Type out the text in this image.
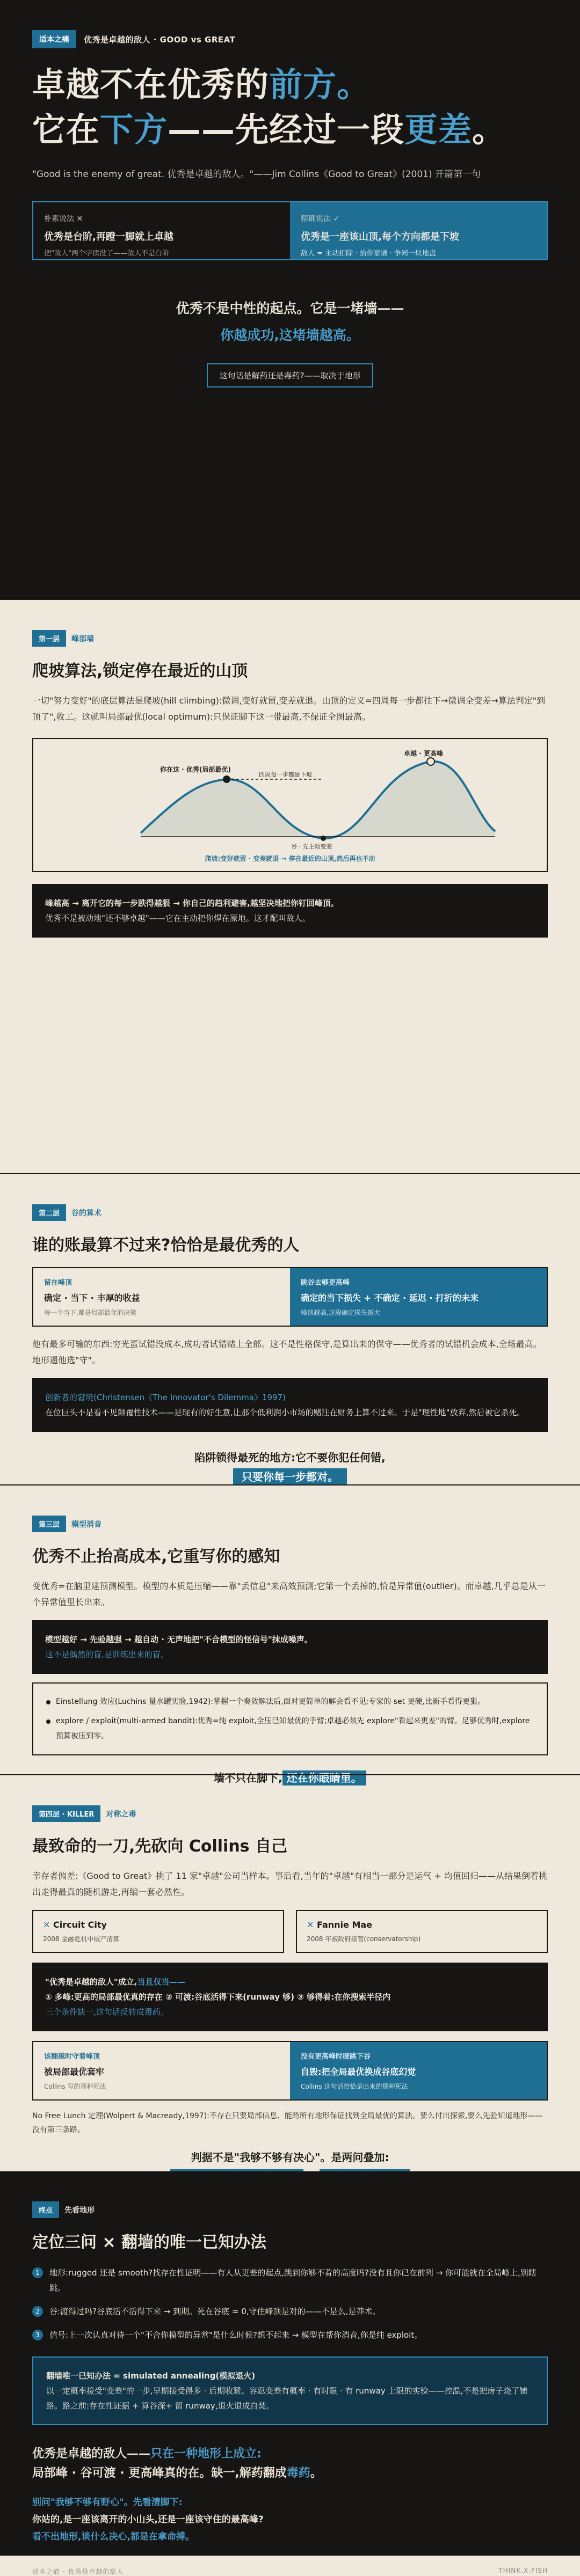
适本之痛	优秀是卓越的敌人 · GOOD vs GREAT
卓越不在优秀的前方。
它在下方——先经过一段更差。
"Good is the enemy of great. 优秀是卓越的敌人。"——Jim Collins《Good to Great》(2001) 开篇第一句
朴素说法 ✕
优秀是台阶,再蹬一脚就上卓越
把"敌人"两个字读没了——敌人不是台阶
精确说法 ✓
优秀是一座该山顶,每个方向都是下坡
敌人 = 主动扣除 · 拾你家谱 · 争同一块地盘
优秀不是中性的起点。它是一堵墙——
你越成功,这堵墙越高。
这句话是解药还是毒药?——取决于地形
第一层	峰部墙
爬坡算法,锁定停在最近的山顶

一切"努力变好"的底层算法是爬坡(hill climbing):微调,变好就留,变差就退。山顶的定义=四周每一步都往下→微调全变差→算法判定"到顶了",收工。这就叫局部最优(local optimum):只保证脚下这一带最高,不保证全图最高。

你在这 · 优秀(局部最优)
四周每一步都是下坡
卓越 · 更高峰
谷 · 先主动变差
爬坡:变好就留 · 变差就退 → 停在最近的山顶,然后再也不动
峰越高 → 离开它的每一步跌得越狠 → 你自己的趋利避害,越坚决地把你钉回峰顶。
优秀不是被动地"还不够卓越"——它在主动把你焊在原地。这才配叫敌人。
第二层	谷的算术
谁的账最算不过来?恰恰是最优秀的人
留在峰顶
确定 · 当下 · 丰厚的收益
每一个当下,都是局部最优的决策
跳谷去够更高峰
确定的当下损失 + 不确定 · 延迟 · 打折的未来
峰顶越高,这段确定损失越大

他有最多可输的东西:穷光蛋试错没成本,成功者试错赌上全部。这不是性格保守,是算出来的保守——优秀者的试错机会成本,全场最高。地形逼他选"守"。

创新者的窘境(Christensen《The Innovator's Dilemma》1997)
在位巨头不是看不见颠覆性技术——是现有的好生意,让那个低利润小市场的赌注在财务上算不过来。于是"理性地"放弃,然后被它杀死。
陷阱锁得最死的地方:它不要你犯任何错,
只要你每一步都对。
第三层	模型消音
优秀不止抬高成本,它重写你的感知

变优秀=在脑里建预测模型。模型的本质是压缩——靠"丢信息"来高效预测;它第一个丢掉的,恰是异常值(outlier)。而卓越,几乎总是从一个异常值里长出来。

模型越好 → 先验越强 → 越自动 · 无声地把"不合模型的怪信号"抹成噪声。
这不是偶然的盲,是训练出来的盲。
Einstellung 效应(Luchins 量水罐实验,1942):掌握一个奏效解法后,面对更简单的解会看不见;专家的 set 更硬,比新手看得更狠。
explore / exploit(multi-armed bandit):优秀=纯 exploit,全压已知最优的手臂;卓越必须先 explore"看起来更差"的臂。足够优秀时,explore 预算被压到零。
墙不只在脚下, 还在你眼睛里。
第四层 · KILLER	对称之毒
最致命的一刀,先砍向 Collins 自己

幸存者偏差:《Good to Great》挑了 11 家"卓越"公司当样本。事后看,当年的"卓越"有相当一部分是运气 + 均值回归——从结果倒着挑出走得最真的随机游走,再编一套必然性。

✕ Circuit City
2008 金融危机中破产清算
✕ Fannie Mae
2008 年被政府接管(conservatorship)
"优秀是卓越的敌人"成立,当且仅当——
① 多峰:更高的局部最优真的存在 ② 可渡:谷底活得下来(runway 够) ③ 够得着:在你搜索半径内
三个条件缺一,这句话反转成毒药。
该翻越时守着峰顶
被局部最优套牢
Collins 写的那种死法
没有更高峰时硬跳下谷
自毁:把全局最优换成谷底幻觉
Collins 这句话恰恰是出来的那种死法

No Free Lunch 定理(Wolpert & Macready,1997):不存在只要局部信息、能跨所有地形保证找到全局最优的算法。要么付出探索,要么先验知道地形——没有第三条路。

判据不是"我够不够有决心"。是两问叠加:
终点	先看地形
定位三问 × 翻墙的唯一已知办法
1	地形:rugged 还是 smooth?找存在性证明——有人从更差的起点,跳到你够不着的高度吗?没有且你已在前列 → 你可能就在全局峰上,别瞎跳。
2	谷:渡得过吗?谷底活不活得下来 → 到期。死在谷底 = 0,守住峰顶是对的——不是么,是莽术。
3	信号:上一次认真对待一个"不合你模型的异常"是什么时候?想不起来 → 模型在帮你消音,你是纯 exploit。
翻墙唯一已知办法 = simulated annealing(模拟退火)
以一定概率接受"变差"的一步,早期接受得多 · 后期收紧。容忍变差有概率 · 有时限 · 有 runway 上限的实验——控温,不是把房子烧了铺路。路之前:存在性证据 + 算谷深+ 留 runway,退火退成自焚。
优秀是卓越的敌人——只在一种地形上成立:
局部峰 · 谷可渡 · 更高峰真的在。缺一,解药翻成毒药。
别问"我够不够有野心"。先看清脚下:
你站的,是一座该离开的小山头,还是一座该守住的最高峰?
看不出地形,谈什么决心,都是在拿命搏。
适本之痛 · 优秀是卓越的敌人	THINK.X.FISH
